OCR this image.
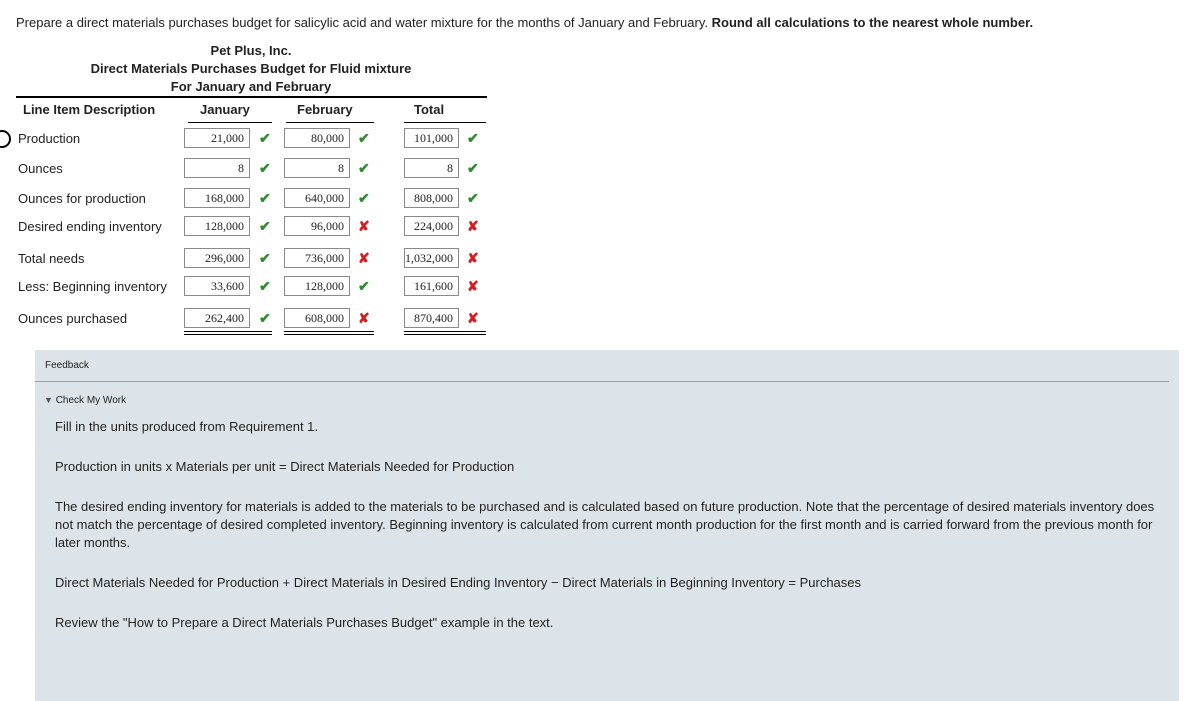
Prepare a direct materials purchases budget for salicylic acid and water mixture for the months of January and February. Round all calculations to the nearest whole number.
Pet Plus, Inc.
Direct Materials Purchases Budget for Fluid mixture
For January and February
Line Item Description	January	February	Total
Production	21,000	✔	80,000	✔	101,000	✔
Ounces	8	✔	8	✔	8	✔
Ounces for production	168,000	✔	640,000	✔	808,000	✔
Desired ending inventory	128,000	✔	96,000	✘	224,000	✘
Total needs	296,000	✔	736,000	✘	1,032,000	✘
Less: Beginning inventory	33,600	✔	128,000	✔	161,600	✘
Ounces purchased	262,400	✔	608,000	✘	870,400	✘
Feedback
▼ Check My Work
Fill in the units produced from Requirement 1.
Production in units x Materials per unit = Direct Materials Needed for Production
The desired ending inventory for materials is added to the materials to be purchased and is calculated based on future production. Note that the percentage of desired materials inventory does not match the percentage of desired completed inventory. Beginning inventory is calculated from current month production for the first month and is carried forward from the previous month for later months.
Direct Materials Needed for Production + Direct Materials in Desired Ending Inventory − Direct Materials in Beginning Inventory = Purchases
Review the "How to Prepare a Direct Materials Purchases Budget" example in the text.
